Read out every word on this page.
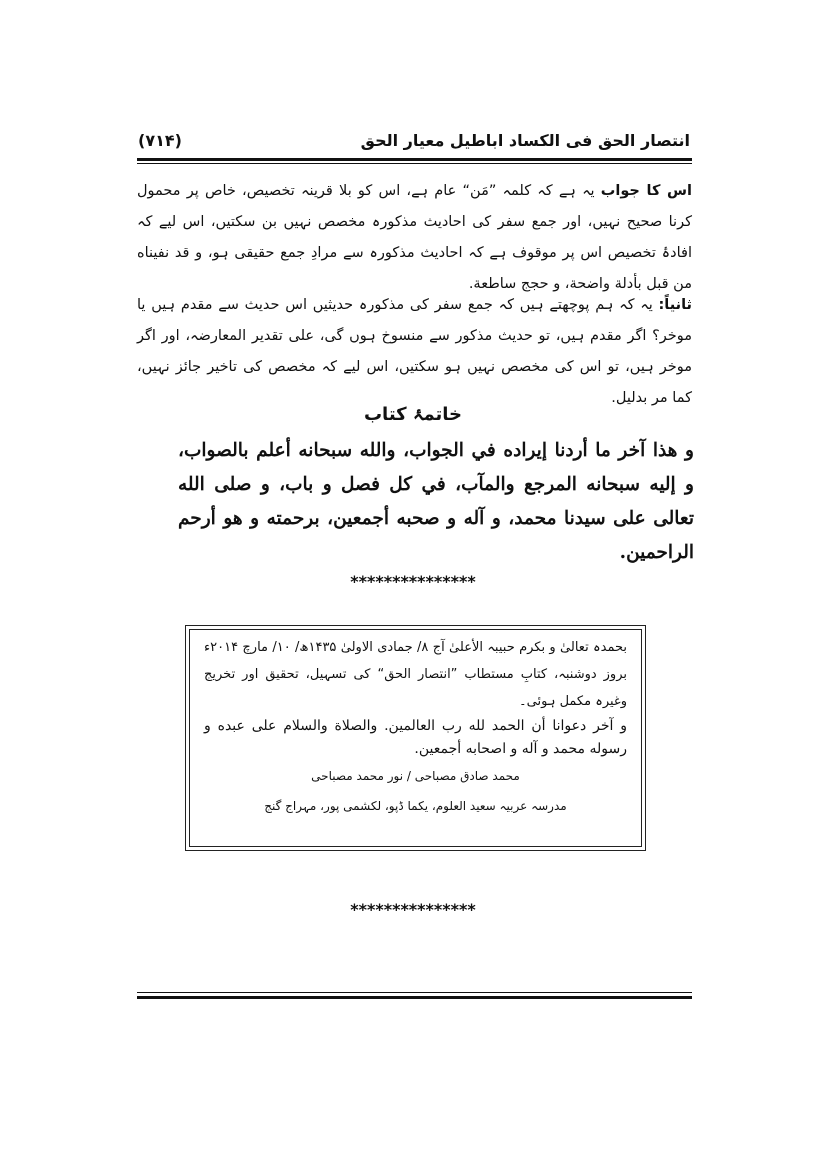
انتصار الحق فی الکساد اباطیل معیار الحق
(۷۱۴)

اس کا جواب یہ ہے کہ کلمہ ”مَن“ عام ہے، اس کو بلا قرینہ تخصیص، خاص پر محمول کرنا صحیح نہیں، اور جمع سفر کی احادیث مذکورہ مخصص نہیں بن سکتیں، اس لیے کہ افادۂ تخصیص اس پر موقوف ہے کہ احادیث مذکورہ سے مرادِ جمع حقیقی ہو، و قد نفیناه من قبل بأدلة واضحة، و حجج ساطعة.

ثانیاً: یہ کہ ہم پوچھتے ہیں کہ جمع سفر کی مذکورہ حدیثیں اس حدیث سے مقدم ہیں یا موخر؟ اگر مقدم ہیں، تو حدیث مذکور سے منسوخ ہوں گی، علی تقدیر المعارضہ، اور اگر موخر ہیں، تو اس کی مخصص نہیں ہو سکتیں، اس لیے کہ مخصص کی تاخیر جائز نہیں، کما مر بدلیل.

خاتمۂ کتاب

و هذا آخر ما أردنا إيراده في الجواب، والله سبحانه أعلم بالصواب، و إليه سبحانه المرجع والمآب، في كل فصل و باب، و صلى الله تعالى على سيدنا محمد، و آله و صحبه أجمعين، برحمته و هو أرحم الراحمين.

***************

بحمدہ تعالیٰ و بکرم حبیبہ الأعلیٰ آج ۸/ جمادی الاولیٰ ۱۴۳۵ھ/ ۱۰/ مارچ ۲۰۱۴ء بروز دوشنبہ، کتابِ مستطاب ”انتصار الحق“ کی تسہیل، تحقیق اور تخریج وغیرہ مکمل ہوئی۔

و آخر دعوانا أن الحمد لله رب العالمين. والصلاة والسلام على عبده و رسوله محمد و آله و اصحابه أجمعين.

محمد صادق مصباحی / نور محمد مصباحی

مدرسہ عربیہ سعید العلوم، یکما ڈپو، لکشمی پور، مہراج گنج

***************
